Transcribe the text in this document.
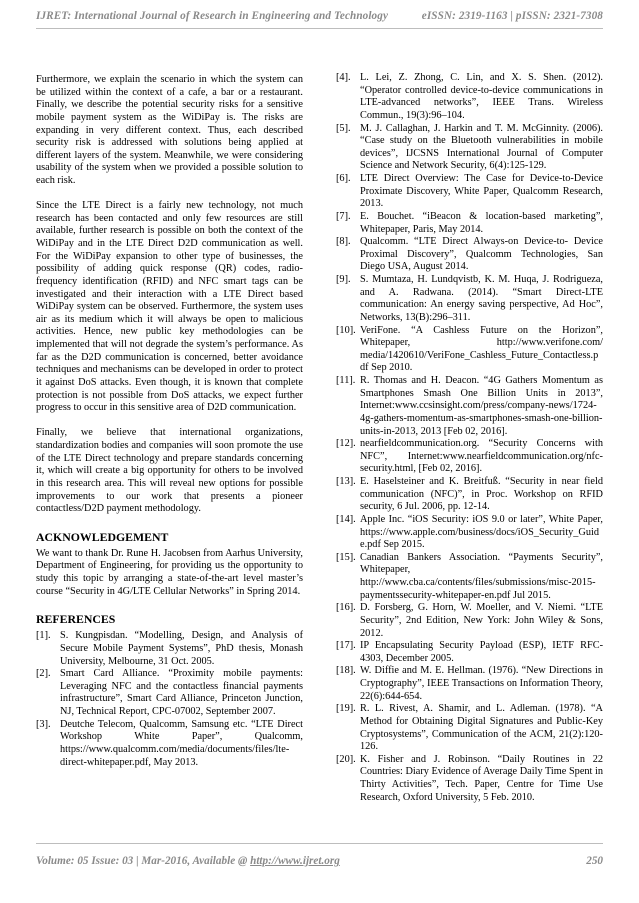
IJRET: International Journal of Research in Engineering and Technology	eISSN: 2319-1163 | pISSN: 2321-7308

Furthermore, we explain the scenario in which the system can be utilized within the context of a cafe, a bar or a restaurant. Finally, we describe the potential security risks for a sensitive mobile payment system as the WiDiPay is. The risks are expanding in very different context. Thus, each described security risk is addressed with solutions being applied at different layers of the system. Meanwhile, we were considering usability of the system when we provided a possible solution to each risk.

Since the LTE Direct is a fairly new technology, not much research has been contacted and only few resources are still available, further research is possible on both the context of the WiDiPay and in the LTE Direct D2D communication as well. For the WiDiPay expansion to other type of businesses, the possibility of adding quick response (QR) codes, radio-frequency identification (RFID) and NFC smart tags can be investigated and their interaction with a LTE Direct based WiDiPay system can be observed. Furthermore, the system uses air as its medium which it will always be open to malicious activities. Hence, new public key methodologies can be implemented that will not degrade the system’s performance. As far as the D2D communication is concerned, better avoidance techniques and mechanisms can be developed in order to protect it against DoS attacks. Even though, it is known that complete protection is not possible from DoS attacks, we expect further progress to occur in this sensitive area of D2D communication.

Finally, we believe that international organizations, standardization bodies and companies will soon promote the use of the LTE Direct technology and prepare standards concerning it, which will create a big opportunity for others to be involved in this research area. This will reveal new options for possible improvements to our work that presents a pioneer contactless/D2D payment methodology.

ACKNOWLEDGEMENT

We want to thank Dr. Rune H. Jacobsen from Aarhus University, Department of Engineering, for providing us the opportunity to study this topic by arranging a state-of-the-art level master’s course “Security in 4G/LTE Cellular Networks” in Spring 2014.

REFERENCES
[1]. S. Kungpisdan. “Modelling, Design, and Analysis of Secure Mobile Payment Systems”, PhD thesis, Monash University, Melbourne, 31 Oct. 2005.
[2]. Smart Card Alliance. “Proximity mobile payments: Leveraging NFC and the contactless financial payments infrastructure”, Smart Card Alliance, Princeton Junction, NJ, Technical Report, CPC-07002, September 2007.
[3]. Deutche Telecom, Qualcomm, Samsung etc. “LTE Direct Workshop White Paper”, Qualcomm, https://www.qualcomm.com/media/documents/files/lte-direct-whitepaper.pdf, May 2013.
[4]. L. Lei, Z. Zhong, C. Lin, and X. S. Shen. (2012). “Operator controlled device-to-device communications in LTE-advanced networks”, IEEE Trans. Wireless Commun., 19(3):96–104.
[5]. M. J. Callaghan, J. Harkin and T. M. McGinnity. (2006). “Case study on the Bluetooth vulnerabilities in mobile devices”, IJCSNS International Journal of Computer Science and Network Security, 6(4):125-129.
[6]. LTE Direct Overview: The Case for Device-to-Device Proximate Discovery, White Paper, Qualcomm Research, 2013.
[7]. E. Bouchet. “iBeacon & location-based marketing”, Whitepaper, Paris, May 2014.
[8]. Qualcomm. “LTE Direct Always-on Device-to- Device Proximal Discovery”, Qualcomm Technologies, San Diego USA, August 2014.
[9]. S. Mumtaza, H. Lundqvistb, K. M. Huqa, J. Rodrigueza, and A. Radwana. (2014). “Smart Direct-LTE communication: An energy saving perspective, Ad Hoc”, Networks, 13(B):296–311.
[10]. VeriFone. “A Cashless Future on the Horizon”, Whitepaper, http://www.verifone.com/ media/1420610/VeriFone_Cashless_Future_Contactless.pdf Sep 2010.
[11]. R. Thomas and H. Deacon. “4G Gathers Momentum as Smartphones Smash One Billion Units in 2013”, Internet:www.ccsinsight.com/press/company-news/1724-4g-gathers-momentum-as-smartphones-smash-one-billion-units-in-2013, 2013 [Feb 02, 2016].
[12]. nearfieldcommunication.org. “Security Concerns with NFC”, Internet:www.nearfieldcommunication.org/nfc-security.html, [Feb 02, 2016].
[13]. E. Haselsteiner and K. Breitfuß. “Security in near field communication (NFC)”, in Proc. Workshop on RFID security, 6 Jul. 2006, pp. 12-14.
[14]. Apple Inc. “iOS Security: iOS 9.0 or later”, White Paper, https://www.apple.com/business/docs/iOS_Security_Guide.pdf Sep 2015.
[15]. Canadian Bankers Association. “Payments Security”, Whitepaper, http://www.cba.ca/contents/files/submissions/misc-2015-paymentssecurity-whitepaper-en.pdf Jul 2015.
[16]. D. Forsberg, G. Horn, W. Moeller, and V. Niemi. “LTE Security”, 2nd Edition, New York: John Wiley & Sons, 2012.
[17]. IP Encapsulating Security Payload (ESP), IETF RFC-4303, December 2005.
[18]. W. Diffie and M. E. Hellman. (1976). “New Directions in Cryptography”, IEEE Transactions on Information Theory, 22(6):644-654.
[19]. R. L. Rivest, A. Shamir, and L. Adleman. (1978). “A Method for Obtaining Digital Signatures and Public-Key Cryptosystems”, Communication of the ACM, 21(2):120-126.
[20]. K. Fisher and J. Robinson. “Daily Routines in 22 Countries: Diary Evidence of Average Daily Time Spent in Thirty Activities”, Tech. Paper, Centre for Time Use Research, Oxford University, 5 Feb. 2010.
Volume: 05 Issue: 03 | Mar-2016, Available @ http://www.ijret.org	250
